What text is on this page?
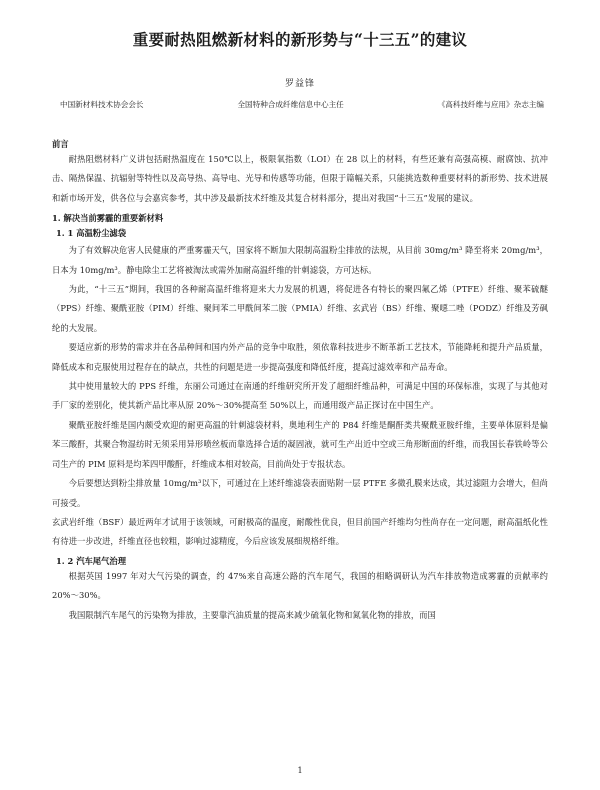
重要耐热阻燃新材料的新形势与“十三五”的建议
罗益锋
中国新材料技术协会会长	全国特种合成纤维信息中心主任	《高科技纤维与应用》杂志主编
前言

耐热阻燃材料广义讲包括耐热温度在 150℃以上，极限氧指数（LOI）在 28 以上的材料，有些还兼有高强高模、耐腐蚀、抗冲击、隔热保温、抗辐射等特性以及高导热、高导电、光导和传感等功能，但限于篇幅关系，只能挑选数种重要材料的新形势、技术进展和新市场开发，供各位与会嘉宾参考，其中涉及最新技术纤维及其复合材料部分，提出对我国“十三五”发展的建议。

1. 解决当前雾霾的重要新材料
1. 1 高温粉尘滤袋

为了有效解决危害人民健康的严重雾霾天气，国家将不断加大限制高温粉尘排放的法规，从目前 30mg/m³ 降至将来 20mg/m³，日本为 10mg/m³。静电除尘工艺将被淘汰或需外加耐高温纤维的针刺滤袋，方可达标。

为此，“十三五”期间，我国的各种耐高温纤维将迎来大力发展的机遇，将促进各有特长的聚四氟乙烯（PTFE）纤维、聚苯硫醚（PPS）纤维、聚酰亚胺（PIM）纤维、聚间苯二甲酰间苯二胺（PMIA）纤维、玄武岩（BS）纤维、聚噁二唑（PODZ）纤维及芳砜纶的大发展。

要适应新的形势的需求并在各品种间和国内外产品的竞争中取胜，须依靠科技进步不断革新工艺技术，节能降耗和提升产品质量，降低成本和克服使用过程存在的缺点，共性的问题是进一步提高强度和降低纤度，提高过滤效率和产品寿命。

其中使用量较大的 PPS 纤维，东丽公司通过在南通的纤维研究所开发了超细纤维品种，可满足中国的环保标准，实现了与其他对手厂家的差别化，使其新产品比率从原 20%～30%提高至 50%以上，而通用级产品正探讨在中国生产。

聚酰亚胺纤维是国内颇受欢迎的耐更高温的针刺滤袋材料，奥地利生产的 P84 纤维是酮酐类共聚酰亚胺纤维，主要单体原料是偏苯三酸酐，其聚合物湿纺时无须采用异形喷丝板而靠选择合适的凝固液，就可生产出近中空或三角形断面的纤维，而我国长春铁岭等公司生产的 PIM 原料是均苯四甲酸酐，纤维成本相对较高，目前尚处于专报状态。

今后要想达到粉尘排放量 10mg/m³以下，可通过在上述纤维滤袋表面贴附一层 PTFE 多微孔膜来达成，其过滤阻力会增大，但尚可接受。

玄武岩纤维（BSF）最近两年才试用于该领域，可耐极高的温度，耐酸性优良，但目前国产纤维均匀性尚存在一定问题，耐高温纸化性有待进一步改进，纤维直径也较粗，影响过滤精度，今后应该发展细规格纤维。

1. 2 汽车尾气治理

根据英国 1997 年对大气污染的调查，约 47%来自高速公路的汽车尾气，我国的相略调研认为汽车排放物造成雾霾的贡献率约 20%～30%。

我国限制汽车尾气的污染物为排放，主要靠汽油质量的提高来减少硫氧化物和氮氧化物的排放，而国

1
